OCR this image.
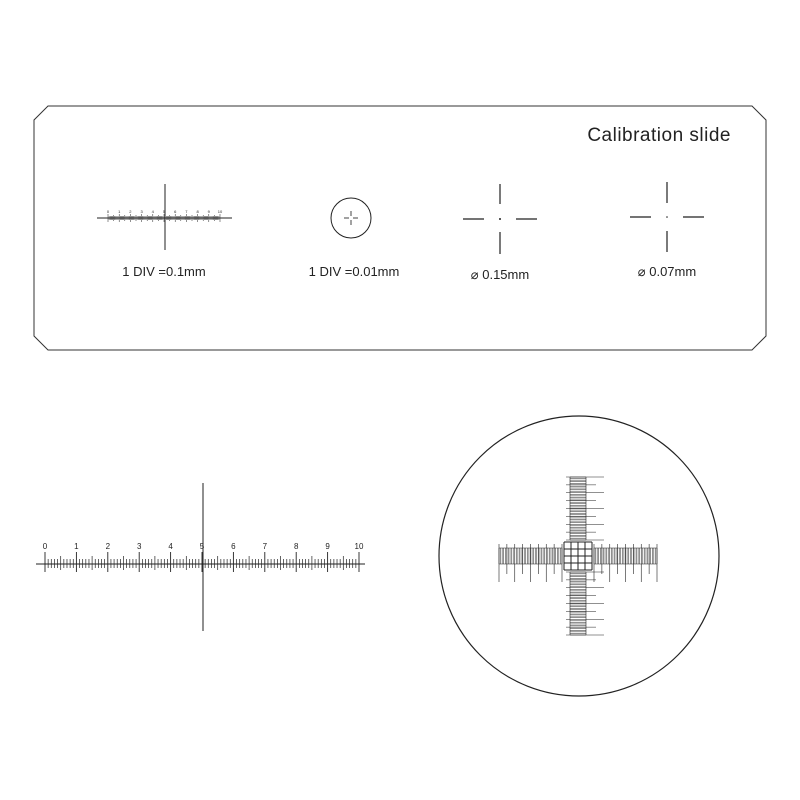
Calibration slide
0 1 2 3 4 5 6 7 8 9 10
1 DIV =0.1mm	1 DIV =0.01mm	⌀ 0.15mm	⌀ 0.07mm
0	1	2	3	4	5	6	7	8	9	10
